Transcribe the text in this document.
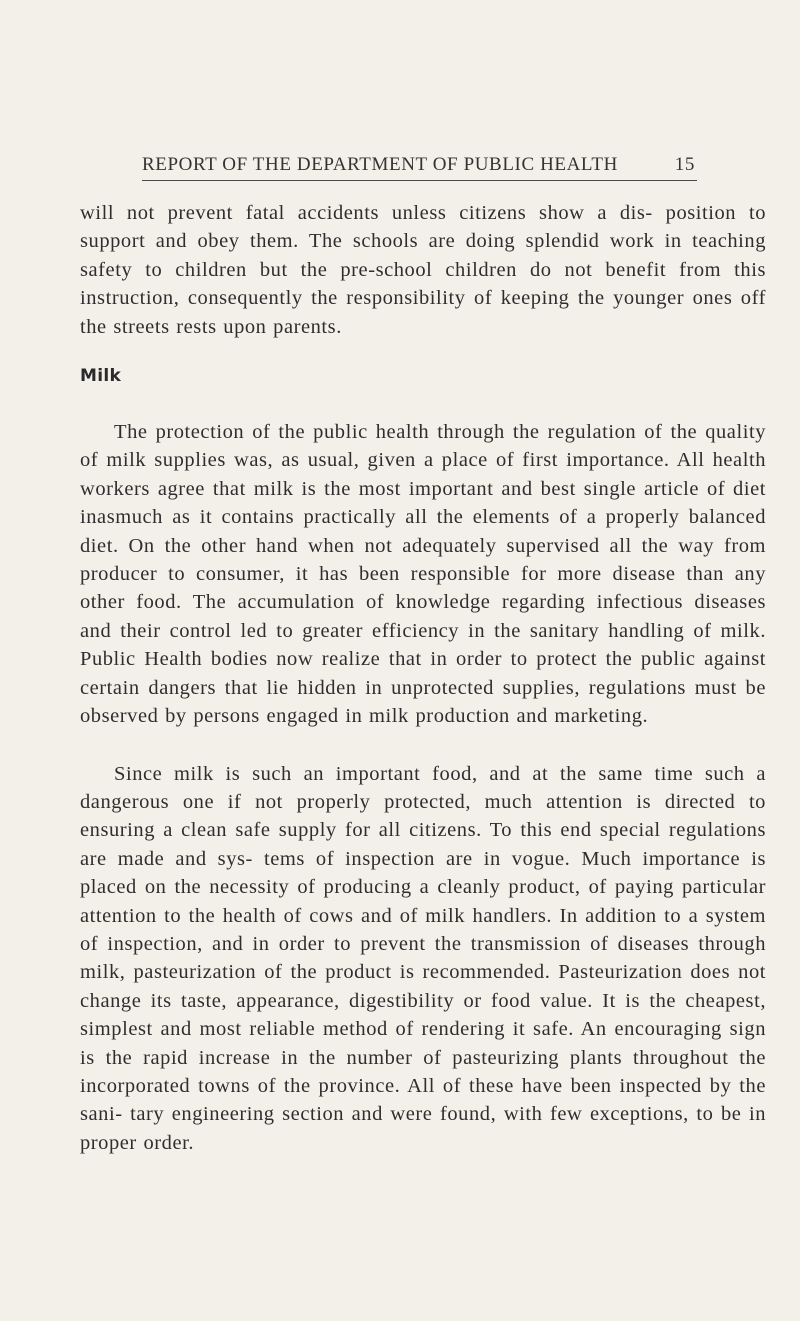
REPORT OF THE DEPARTMENT OF PUBLIC HEALTH	15

will not prevent fatal accidents unless citizens show a dis- position to support and obey them. The schools are doing splendid work in teaching safety to children but the pre-school children do not benefit from this instruction, consequently the responsibility of keeping the younger ones off the streets rests upon parents.

Milk

The protection of the public health through the regulation of the quality of milk supplies was, as usual, given a place of first importance. All health workers agree that milk is the most important and best single article of diet inasmuch as it contains practically all the elements of a properly balanced diet. On the other hand when not adequately supervised all the way from producer to consumer, it has been responsible for more disease than any other food. The accumulation of knowledge regarding infectious diseases and their control led to greater efficiency in the sanitary handling of milk. Public Health bodies now realize that in order to protect the public against certain dangers that lie hidden in unprotected supplies, regulations must be observed by persons engaged in milk production and marketing.

Since milk is such an important food, and at the same time such a dangerous one if not properly protected, much attention is directed to ensuring a clean safe supply for all citizens. To this end special regulations are made and sys- tems of inspection are in vogue. Much importance is placed on the necessity of producing a cleanly product, of paying particular attention to the health of cows and of milk handlers. In addition to a system of inspection, and in order to prevent the transmission of diseases through milk, pasteurization of the product is recommended. Pasteurization does not change its taste, appearance, digestibility or food value. It is the cheapest, simplest and most reliable method of rendering it safe. An encouraging sign is the rapid increase in the number of pasteurizing plants throughout the incorporated towns of the province. All of these have been inspected by the sani- tary engineering section and were found, with few exceptions, to be in proper order.
